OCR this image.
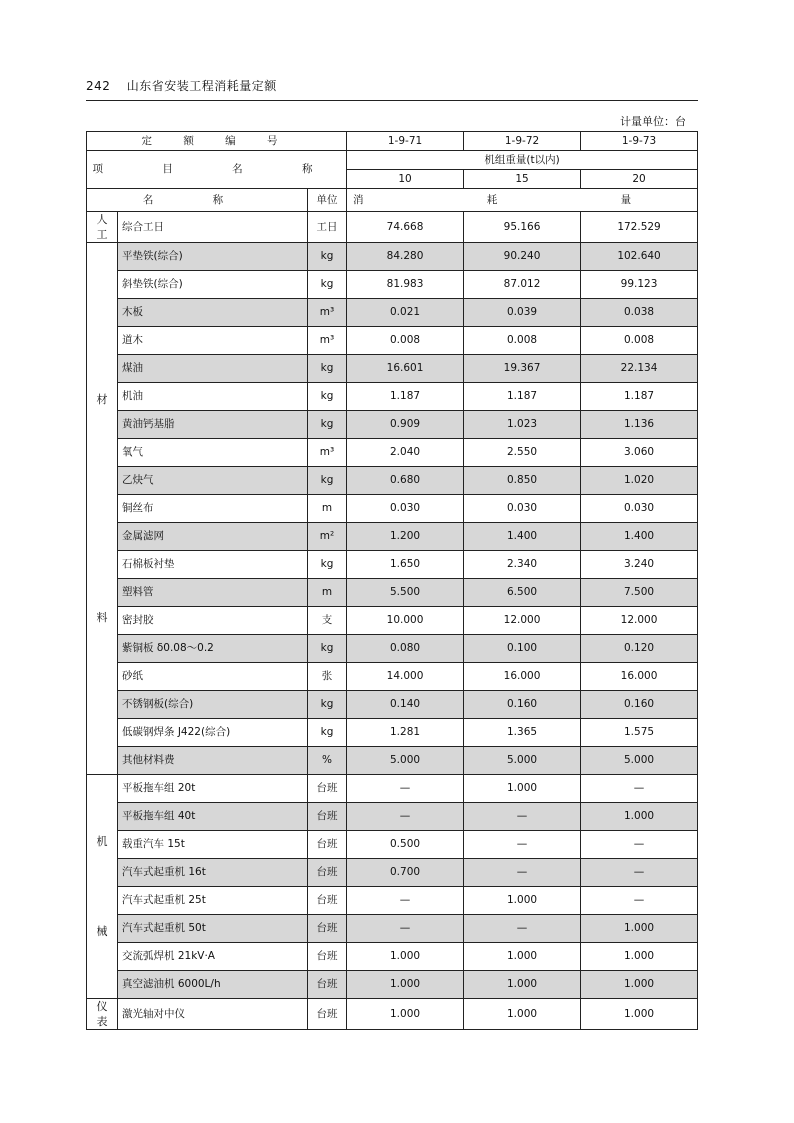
242 山东省安装工程消耗量定额
计量单位：台
定 额 编 号			1-9-71	1-9-72	1-9-73
项 目 名 称			机组重量(t以内)		
			10	15	20
名 称		单位	消 耗 量		
人工	综合工日	工日	74.668	95.166	172.529

材
料	平垫铁(综合)	kg	84.280	90.240	102.640
	斜垫铁(综合)	kg	81.983	87.012	99.123
	木板	m³	0.021	0.039	0.038
	道木	m³	0.008	0.008	0.008
	煤油	kg	16.601	19.367	22.134
	机油	kg	1.187	1.187	1.187
	黄油钙基脂	kg	0.909	1.023	1.136
	氧气	m³	2.040	2.550	3.060
	乙炔气	kg	0.680	0.850	1.020
	铜丝布	m	0.030	0.030	0.030
	金属滤网	m²	1.200	1.400	1.400
	石棉板衬垫	kg	1.650	2.340	3.240
	塑料管	m	5.500	6.500	7.500
	密封胶	支	10.000	12.000	12.000
	紫铜板 δ0.08～0.2	kg	0.080	0.100	0.120
	砂纸	张	14.000	16.000	16.000
	不锈钢板(综合)	kg	0.140	0.160	0.160
	低碳钢焊条 J422(综合)	kg	1.281	1.365	1.575
	其他材料费	%	5.000	5.000	5.000

机
械	平板拖车组 20t	台班	—	1.000	—
	平板拖车组 40t	台班	—	—	1.000
	载重汽车 15t	台班	0.500	—	—
	汽车式起重机 16t	台班	0.700	—	—
	汽车式起重机 25t	台班	—	1.000	—
	汽车式起重机 50t	台班	—	—	1.000
	交流弧焊机 21kV·A	台班	1.000	1.000	1.000
	真空滤油机 6000L/h	台班	1.000	1.000	1.000
仪表	激光轴对中仪	台班	1.000	1.000	1.000
